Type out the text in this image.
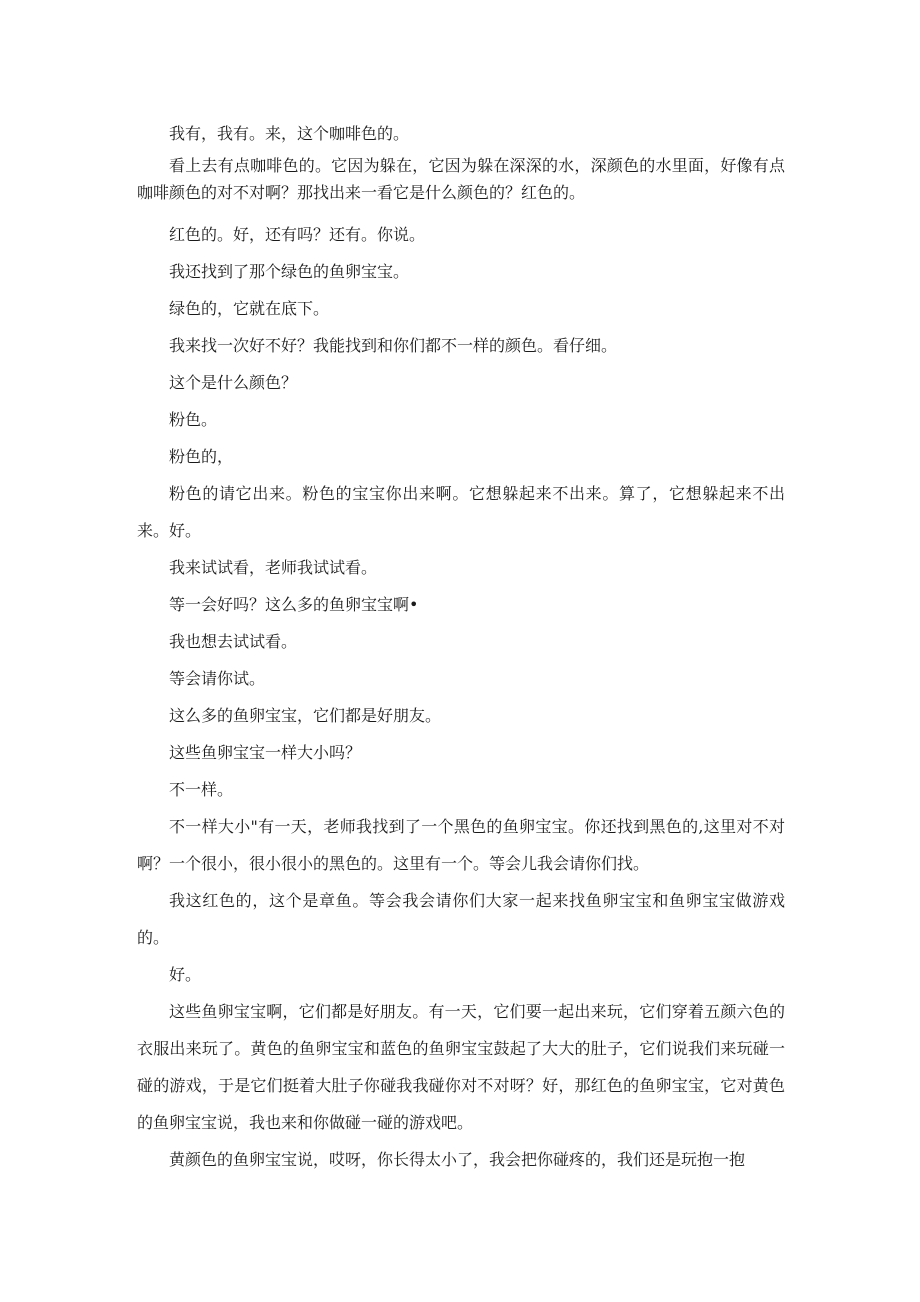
我有，我有。来，这个咖啡色的。

看上去有点咖啡色的。它因为躲在，它因为躲在深深的水，深颜色的水里面，好像有点咖啡颜色的对不对啊？那找出来一看它是什么颜色的？红色的。

红色的。好，还有吗？还有。你说。

我还找到了那个绿色的鱼卵宝宝。

绿色的，它就在底下。

我来找一次好不好？我能找到和你们都不一样的颜色。看仔细。

这个是什么颜色？

粉色。

粉色的，

粉色的请它出来。粉色的宝宝你出来啊。它想躲起来不出来。算了，它想躲起来不出来。好。

我来试试看，老师我试试看。

等一会好吗？这么多的鱼卵宝宝啊•

我也想去试试看。

等会请你试。

这么多的鱼卵宝宝，它们都是好朋友。

这些鱼卵宝宝一样大小吗？

不一样。

不一样大小"有一天，老师我找到了一个黑色的鱼卵宝宝。你还找到黑色的,这里对不对啊？一个很小，很小很小的黑色的。这里有一个。等会儿我会请你们找。

我这红色的，这个是章鱼。等会我会请你们大家一起来找鱼卵宝宝和鱼卵宝宝做游戏的。

好。

这些鱼卵宝宝啊，它们都是好朋友。有一天，它们要一起出来玩，它们穿着五颜六色的衣服出来玩了。黄色的鱼卵宝宝和蓝色的鱼卵宝宝鼓起了大大的肚子，它们说我们来玩碰一碰的游戏，于是它们挺着大肚子你碰我我碰你对不对呀？好，那红色的鱼卵宝宝，它对黄色的鱼卵宝宝说，我也来和你做碰一碰的游戏吧。

黄颜色的鱼卵宝宝说，哎呀，你长得太小了，我会把你碰疼的，我们还是玩抱一抱
